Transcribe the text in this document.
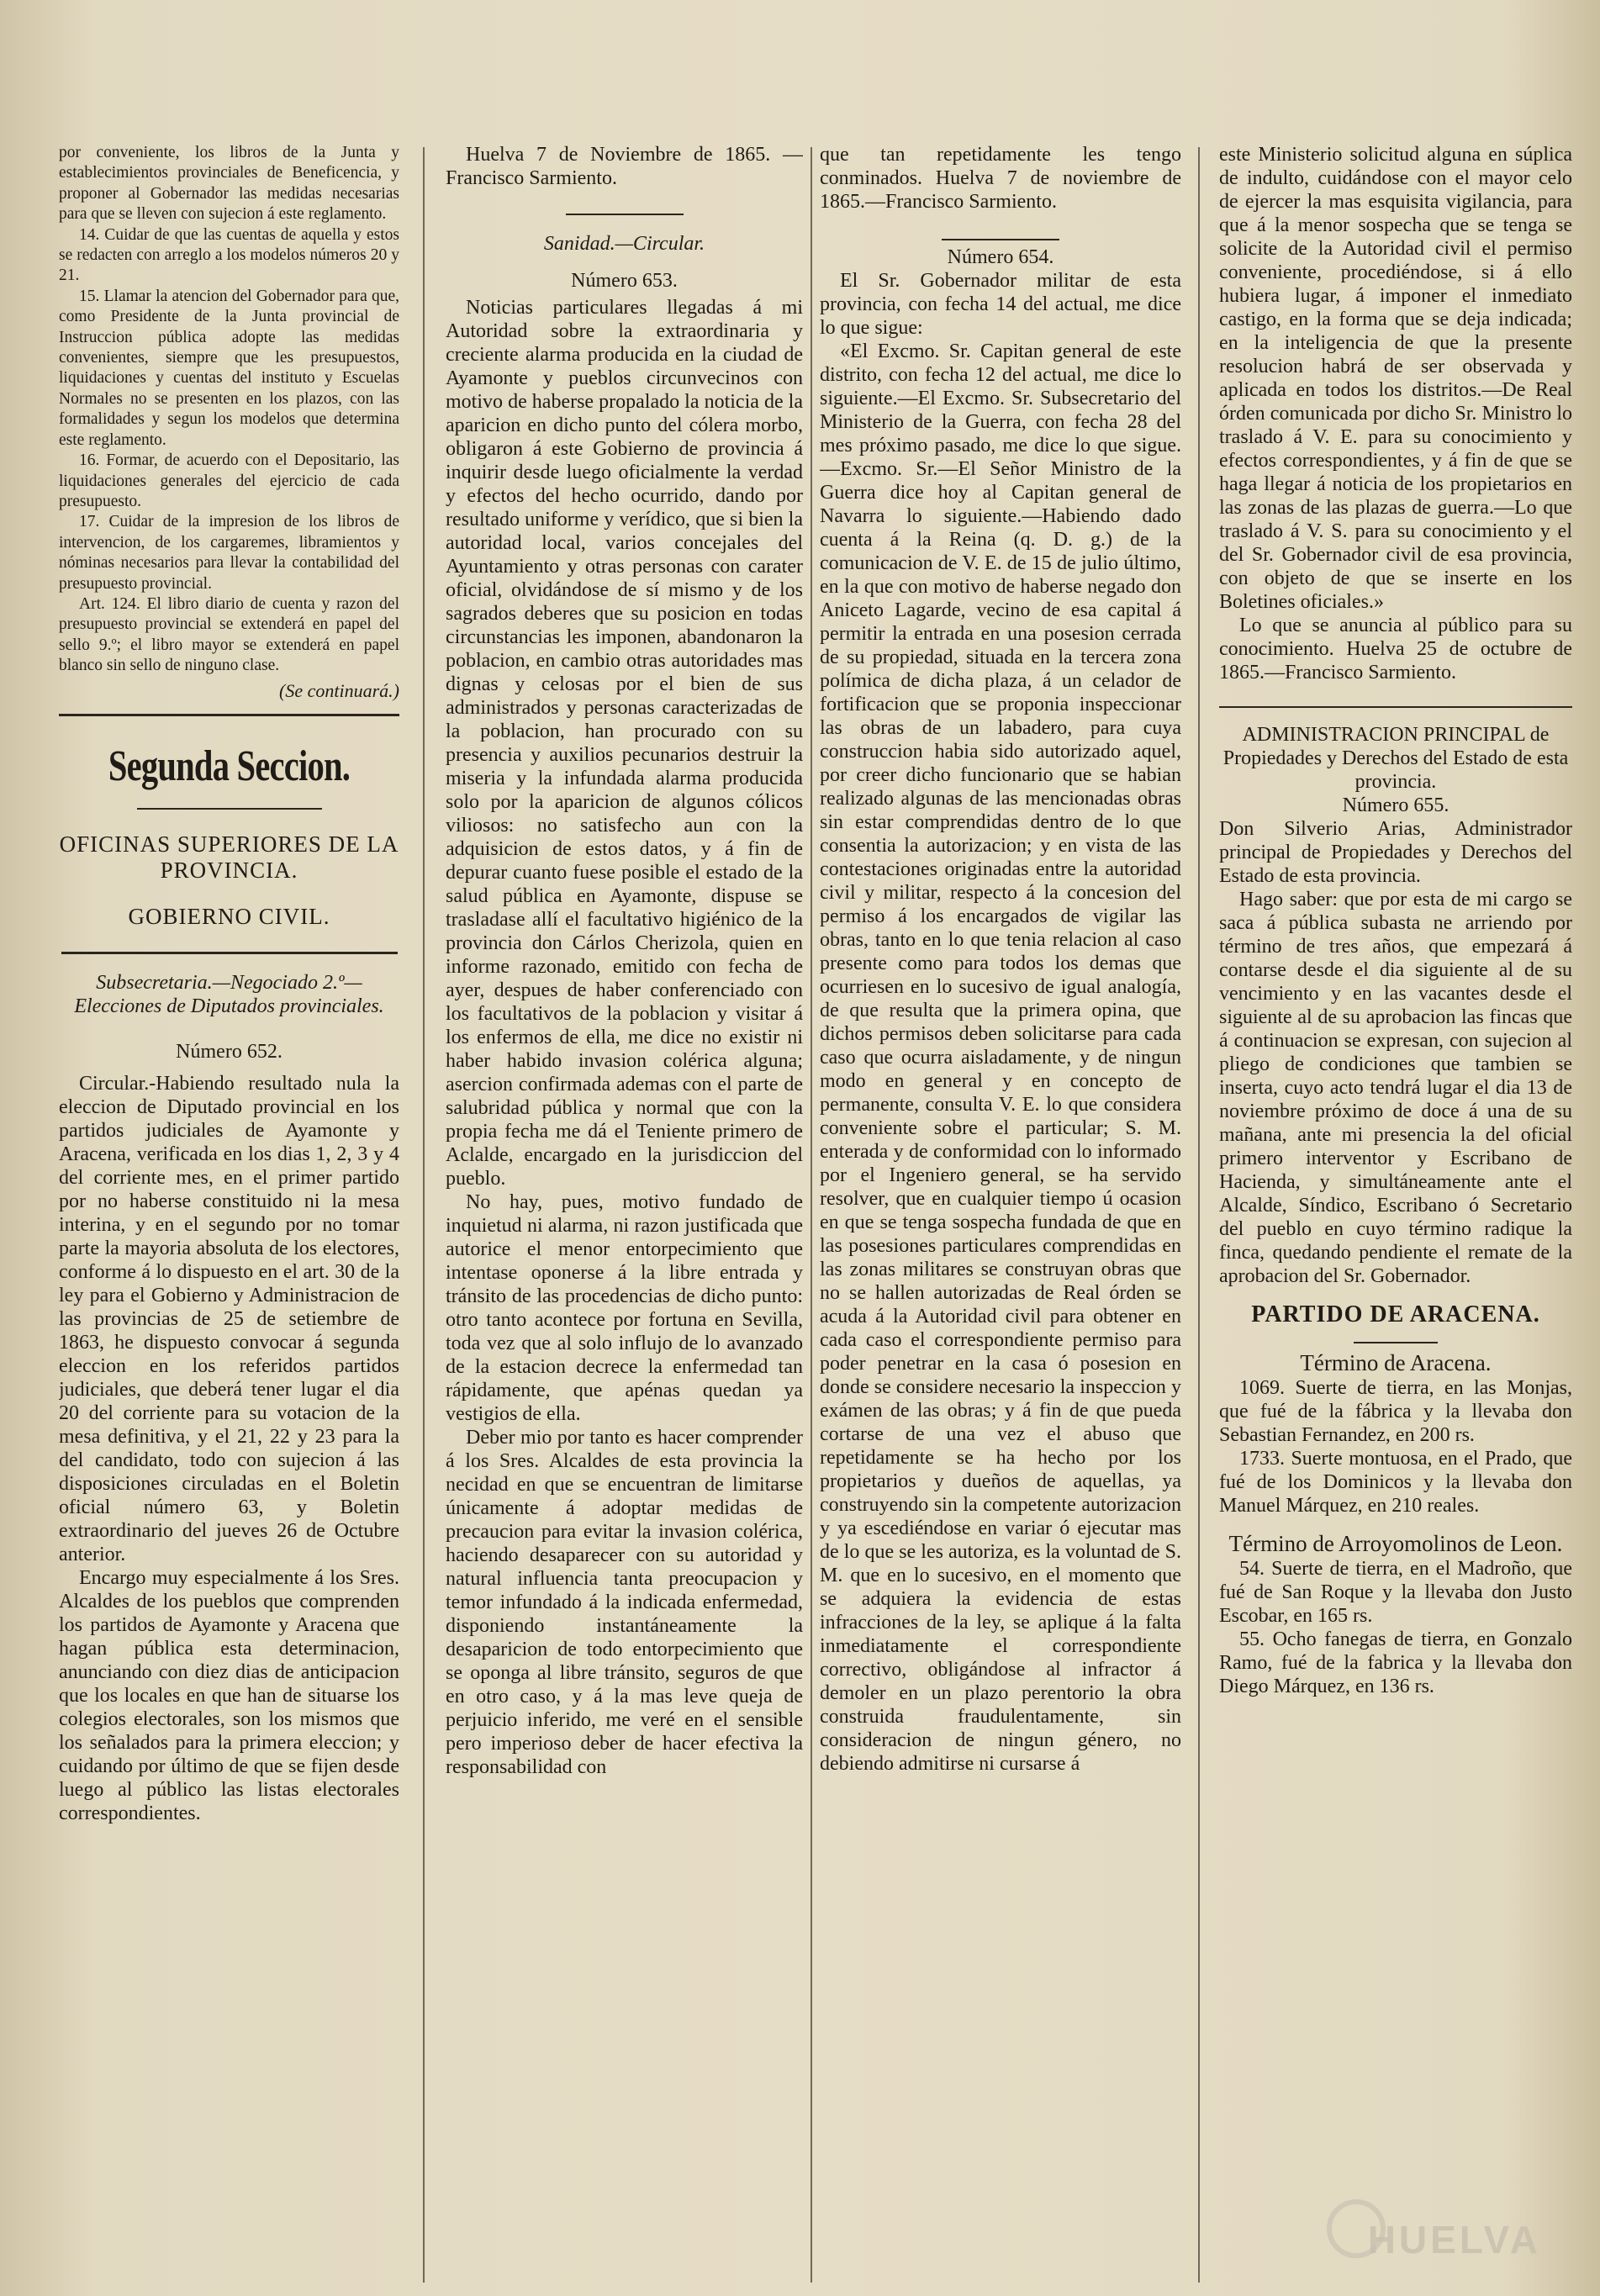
por conveniente, los libros de la Junta y establecimientos provinciales de Beneficencia, y proponer al Gobernador las medidas necesarias para que se lleven con sujecion á este reglamento.

14. Cuidar de que las cuentas de aquella y estos se redacten con arreglo a los modelos números 20 y 21.

15. Llamar la atencion del Gobernador para que, como Presidente de la Junta provincial de Instruccion pública adopte las medidas convenientes, siempre que les presupuestos, liquidaciones y cuentas del instituto y Escuelas Normales no se presenten en los plazos, con las formalidades y segun los modelos que determina este reglamento.

16. Formar, de acuerdo con el Depositario, las liquidaciones generales del ejercicio de cada presupuesto.

17. Cuidar de la impresion de los libros de intervencion, de los cargaremes, libramientos y nóminas necesarios para llevar la contabilidad del presupuesto provincial.

Art. 124. El libro diario de cuenta y razon del presupuesto provincial se extenderá en papel del sello 9.º; el libro mayor se extenderá en papel blanco sin sello de ninguno clase.

(Se continuará.)

Segunda Seccion.
OFICINAS SUPERIORES DE LA PROVINCIA.
GOBIERNO CIVIL.

Subsecretaria.—Negociado 2.º—Elecciones de Diputados provinciales.

Número 652.

Circular.-Habiendo resultado nula la eleccion de Diputado provincial en los partidos judiciales de Ayamonte y Aracena, verificada en los dias 1, 2, 3 y 4 del corriente mes, en el primer partido por no haberse constituido ni la mesa interina, y en el segundo por no tomar parte la mayoria absoluta de los electores, conforme á lo dispuesto en el art. 30 de la ley para el Gobierno y Administracion de las provincias de 25 de setiembre de 1863, he dispuesto convocar á segunda eleccion en los referidos partidos judiciales, que deberá tener lugar el dia 20 del corriente para su votacion de la mesa definitiva, y el 21, 22 y 23 para la del candidato, todo con sujecion á las disposiciones circuladas en el Boletin oficial número 63, y Boletin extraordinario del jueves 26 de Octubre anterior.

Encargo muy especialmente á los Sres. Alcaldes de los pueblos que comprenden los partidos de Ayamonte y Aracena que hagan pública esta determinacion, anunciando con diez dias de anticipacion que los locales en que han de situarse los colegios electorales, son los mismos que los señalados para la primera eleccion; y cuidando por último de que se fijen desde luego al público las listas electorales correspondientes.

Huelva 7 de Noviembre de 1865. —Francisco Sarmiento.

Sanidad.—Circular.

Número 653.

Noticias particulares llegadas á mi Autoridad sobre la extraordinaria y creciente alarma producida en la ciudad de Ayamonte y pueblos circunvecinos con motivo de haberse propalado la noticia de la aparicion en dicho punto del cólera morbo, obligaron á este Gobierno de provincia á inquirir desde luego oficialmente la verdad y efectos del hecho ocurrido, dando por resultado uniforme y verídico, que si bien la autoridad local, varios concejales del Ayuntamiento y otras personas con carater oficial, olvidándose de sí mismo y de los sagrados deberes que su posicion en todas circunstancias les imponen, abandonaron la poblacion, en cambio otras autoridades mas dignas y celosas por el bien de sus administrados y personas caracterizadas de la poblacion, han procurado con su presencia y auxilios pecunarios destruir la miseria y la infundada alarma producida solo por la aparicion de algunos cólicos viliosos: no satisfecho aun con la adquisicion de estos datos, y á fin de depurar cuanto fuese posible el estado de la salud pública en Ayamonte, dispuse se trasladase allí el facultativo higiénico de la provincia don Cárlos Cherizola, quien en informe razonado, emitido con fecha de ayer, despues de haber conferenciado con los facultativos de la poblacion y visitar á los enfermos de ella, me dice no existir ni haber habido invasion colérica alguna; asercion confirmada ademas con el parte de salubridad pública y normal que con la propia fecha me dá el Teniente primero de Aclalde, encargado en la jurisdiccion del pueblo.

No hay, pues, motivo fundado de inquietud ni alarma, ni razon justificada que autorice el menor entorpecimiento que intentase oponerse á la libre entrada y tránsito de las procedencias de dicho punto: otro tanto acontece por fortuna en Sevilla, toda vez que al solo influjo de lo avanzado de la estacion decrece la enfermedad tan rápidamente, que apénas quedan ya vestigios de ella.

Deber mio por tanto es hacer comprender á los Sres. Alcaldes de esta provincia la necidad en que se encuentran de limitarse únicamente á adoptar medidas de precaucion para evitar la invasion colérica, haciendo desaparecer con su autoridad y natural influencia tanta preocupacion y temor infundado á la indicada enfermedad, disponiendo instantáneamente la desaparicion de todo entorpecimiento que se oponga al libre tránsito, seguros de que en otro caso, y á la mas leve queja de perjuicio inferido, me veré en el sensible pero imperioso deber de hacer efectiva la responsabilidad con

que tan repetidamente les tengo conminados. Huelva 7 de noviembre de 1865.—Francisco Sarmiento.

Número 654.

El Sr. Gobernador militar de esta provincia, con fecha 14 del actual, me dice lo que sigue:

«El Excmo. Sr. Capitan general de este distrito, con fecha 12 del actual, me dice lo siguiente.—El Excmo. Sr. Subsecretario del Ministerio de la Guerra, con fecha 28 del mes próximo pasado, me dice lo que sigue.—Excmo. Sr.—El Señor Ministro de la Guerra dice hoy al Capitan general de Navarra lo siguiente.—Habiendo dado cuenta á la Reina (q. D. g.) de la comunicacion de V. E. de 15 de julio último, en la que con motivo de haberse negado don Aniceto Lagarde, vecino de esa capital á permitir la entrada en una posesion cerrada de su propiedad, situada en la tercera zona polímica de dicha plaza, á un celador de fortificacion que se proponia inspeccionar las obras de un labadero, para cuya construccion habia sido autorizado aquel, por creer dicho funcionario que se habian realizado algunas de las mencionadas obras sin estar comprendidas dentro de lo que consentia la autorizacion; y en vista de las contestaciones originadas entre la autoridad civil y militar, respecto á la concesion del permiso á los encargados de vigilar las obras, tanto en lo que tenia relacion al caso presente como para todos los demas que ocurriesen en lo sucesivo de igual analogía, de que resulta que la primera opina, que dichos permisos deben solicitarse para cada caso que ocurra aisladamente, y de ningun modo en general y en concepto de permanente, consulta V. E. lo que considera conveniente sobre el particular; S. M. enterada y de conformidad con lo informado por el Ingeniero general, se ha servido resolver, que en cualquier tiempo ú ocasion en que se tenga sospecha fundada de que en las posesiones particulares comprendidas en las zonas militares se construyan obras que no se hallen autorizadas de Real órden se acuda á la Autoridad civil para obtener en cada caso el correspondiente permiso para poder penetrar en la casa ó posesion en donde se considere necesario la inspeccion y exámen de las obras; y á fin de que pueda cortarse de una vez el abuso que repetidamente se ha hecho por los propietarios y dueños de aquellas, ya construyendo sin la competente autorizacion y ya escediéndose en variar ó ejecutar mas de lo que se les autoriza, es la voluntad de S. M. que en lo sucesivo, en el momento que se adquiera la evidencia de estas infracciones de la ley, se aplique á la falta inmediatamente el correspondiente correctivo, obligándose al infractor á demoler en un plazo perentorio la obra construida fraudulentamente, sin consideracion de ningun género, no debiendo admitirse ni cursarse á

este Ministerio solicitud alguna en súplica de indulto, cuidándose con el mayor celo de ejercer la mas esquisita vigilancia, para que á la menor sospecha que se tenga se solicite de la Autoridad civil el permiso conveniente, procediéndose, si á ello hubiera lugar, á imponer el inmediato castigo, en la forma que se deja indicada; en la inteligencia de que la presente resolucion habrá de ser observada y aplicada en todos los distritos.—De Real órden comunicada por dicho Sr. Ministro lo traslado á V. E. para su conocimiento y efectos correspondientes, y á fin de que se haga llegar á noticia de los propietarios en las zonas de las plazas de guerra.—Lo que traslado á V. S. para su conocimiento y el del Sr. Gobernador civil de esa provincia, con objeto de que se inserte en los Boletines oficiales.»

Lo que se anuncia al público para su conocimiento. Huelva 25 de octubre de 1865.—Francisco Sarmiento.

ADMINISTRACION PRINCIPAL de Propiedades y Derechos del Estado de esta provincia.

Número 655.

Don Silverio Arias, Administrador principal de Propiedades y Derechos del Estado de esta provincia.

Hago saber: que por esta de mi cargo se saca á pública subasta ne arriendo por término de tres años, que empezará á contarse desde el dia siguiente al de su vencimiento y en las vacantes desde el siguiente al de su aprobacion las fincas que á continuacion se expresan, con sujecion al pliego de condiciones que tambien se inserta, cuyo acto tendrá lugar el dia 13 de noviembre próximo de doce á una de su mañana, ante mi presencia la del oficial primero interventor y Escribano de Hacienda, y simultáneamente ante el Alcalde, Síndico, Escribano ó Secretario del pueblo en cuyo término radique la finca, quedando pendiente el remate de la aprobacion del Sr. Gobernador.

PARTIDO DE ARACENA.

Término de Aracena.

1069. Suerte de tierra, en las Monjas, que fué de la fábrica y la llevaba don Sebastian Fernandez, en 200 rs.

1733. Suerte montuosa, en el Prado, que fué de los Dominicos y la llevaba don Manuel Márquez, en 210 reales.

Término de Arroyomolinos de Leon.

54. Suerte de tierra, en el Madroño, que fué de San Roque y la llevaba don Justo Escobar, en 165 rs.

55. Ocho fanegas de tierra, en Gonzalo Ramo, fué de la fabrica y la llevaba don Diego Márquez, en 136 rs.

HUELVA
